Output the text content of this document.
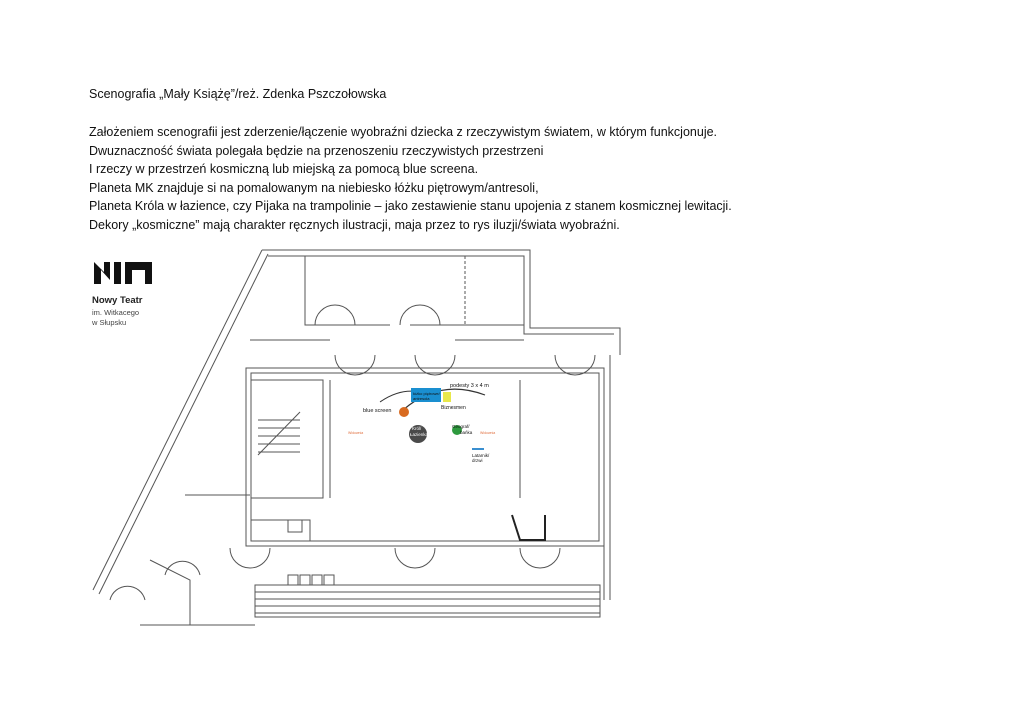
Scenografia „Mały Książę”/reż. Zdenka Pszczołowska
Założeniem scenografii jest zderzenie/łączenie wyobraźni dziecka z rzeczywistym światem, w którym funkcjonuje.
Dwuznaczność świata polegała będzie na przenoszeniu rzeczywistych przestrzeni
I rzeczy w przestrzeń kosmiczną lub miejską za pomocą blue screena.
Planeta MK znajduje si na pomalowanym na niebiesko łóżku piętrowym/antresoli,
Planeta Króla w łazience, czy Pijaka na trampolinie – jako zestawienie stanu upojenia z stanem kosmicznej lewitacji.
Dekory „kosmiczne” mają charakter ręcznych ilustracji, maja przez to rys iluzji/świata wyobraźni.
Nowy Teatr
im. Witkacego
w Słupsku
łóżko piętrowe/
antresola
Biznesmen
podesty 3 x 4 m
blue screen
Król/
Łazienka
Geograf/
bańka
Latarnik/
drzwi
Widownia	Widownia
